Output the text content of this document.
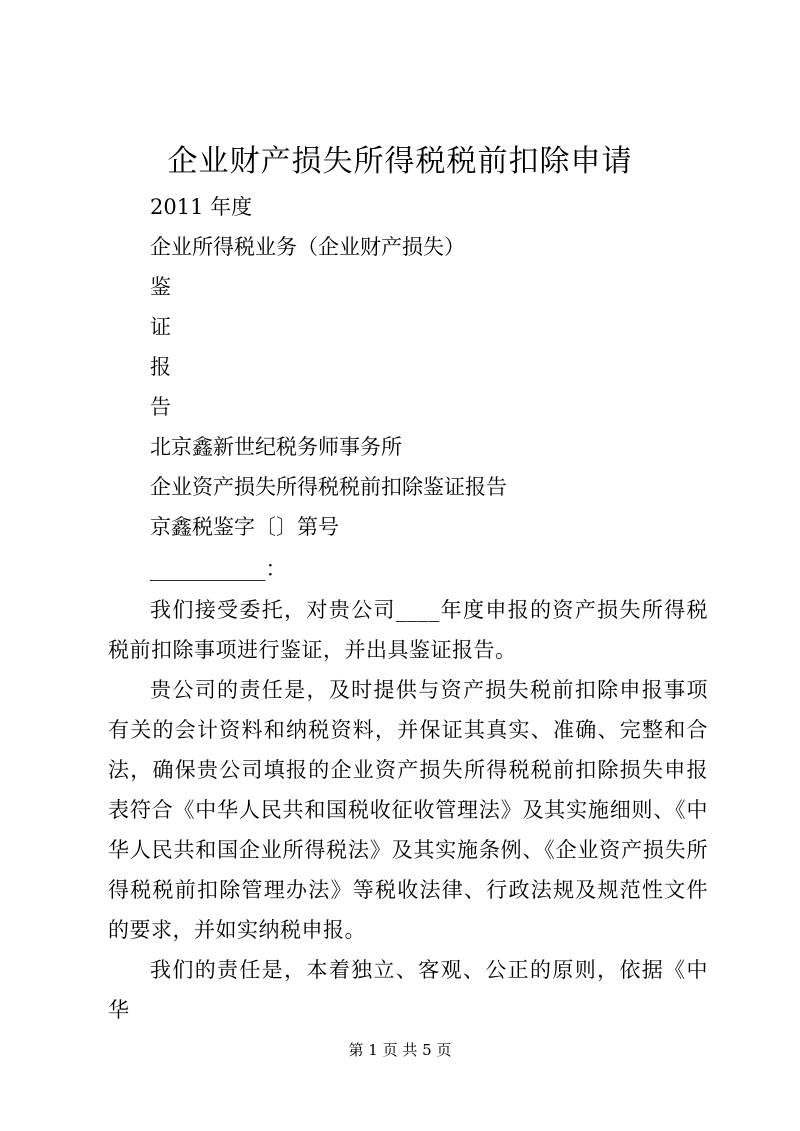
企业财产损失所得税税前扣除申请
2011 年度
企业所得税业务（企业财产损失）
鉴
证
报
告
北京鑫新世纪税务师事务所
企业资产损失所得税税前扣除鉴证报告
京鑫税鉴字〔〕第号
___________：
我们接受委托，对贵公司____年度申报的资产损失所得税税前扣除事项进行鉴证，并出具鉴证报告。
贵公司的责任是，及时提供与资产损失税前扣除申报事项有关的会计资料和纳税资料，并保证其真实、准确、完整和合法，确保贵公司填报的企业资产损失所得税税前扣除损失申报表符合《中华人民共和国税收征收管理法》及其实施细则、《中华人民共和国企业所得税法》及其实施条例、《企业资产损失所得税税前扣除管理办法》等税收法律、行政法规及规范性文件的要求，并如实纳税申报。
我们的责任是，本着独立、客观、公正的原则，依据《中华
第 1 页 共 5 页
